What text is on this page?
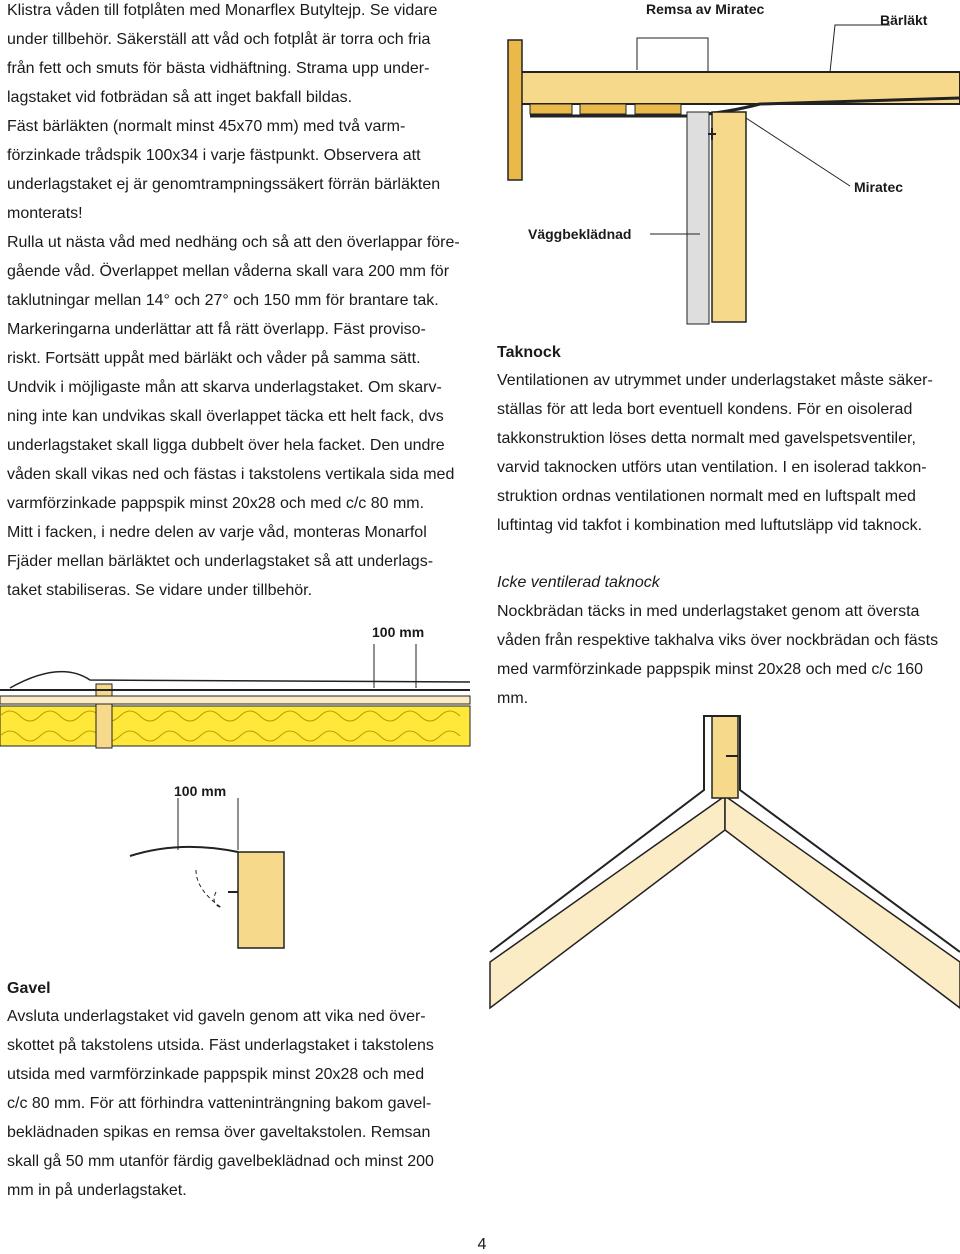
Klistra våden till fotplåten med Monarflex Butyltejp. Se vidare
under tillbehör. Säkerställ att våd och fotplåt är torra och fria
från fett och smuts för bästa vidhäftning. Strama upp under-
lagstaket vid fotbrädan så att inget bakfall bildas.
Fäst bärläkten (normalt minst 45x70 mm) med två varm-
förzinkade trådspik 100x34 i varje fästpunkt. Observera att
underlagstaket ej är genomtrampningssäkert förrän bärläkten
monterats!
Rulla ut nästa våd med nedhäng och så att den överlappar före-
gående våd. Överlappet mellan våderna skall vara 200 mm för
taklutningar mellan 14° och 27° och 150 mm för brantare tak.
Markeringarna underlättar att få rätt överlapp. Fäst proviso-
riskt. Fortsätt uppåt med bärläkt och våder på samma sätt.
Undvik i möjligaste mån att skarva underlagstaket. Om skarv-
ning inte kan undvikas skall överlappet täcka ett helt fack, dvs
underlagstaket skall ligga dubbelt över hela facket. Den undre
våden skall vikas ned och fästas i takstolens vertikala sida med
varmförzinkade pappspik minst 20x28 och med c/c 80 mm.
Mitt i facken, i nedre delen av varje våd, monteras Monarfol
Fjäder mellan bärläktet och underlagstaket så att underlags-
taket stabiliseras. Se vidare under tillbehör.

Taknock

Ventilationen av utrymmet under underlagstaket måste säker-
ställas för att leda bort eventuell kondens. För en oisolerad
takkonstruktion löses detta normalt med gavelspetsventiler,
varvid taknocken utförs utan ventilation. I en isolerad takkon-
struktion ordnas ventilationen normalt med en luftspalt med
luftintag vid takfot i kombination med luftutsläpp vid taknock.

Icke ventilerad taknock

Nockbrädan täcks in med underlagstaket genom att översta
våden från respektive takhalva viks över nockbrädan och fästs
med varmförzinkade pappspik minst 20x28 och med c/c 160 mm.

Gavel

Avsluta underlagstaket vid gaveln genom att vika ned över-
skottet på takstolens utsida. Fäst underlagstaket i takstolens
utsida med varmförzinkade pappspik minst 20x28 och med
c/c 80 mm. För att förhindra vatteninträngning bakom gavel-
beklädnaden spikas en remsa över gaveltakstolen. Remsan
skall gå 50 mm utanför färdig gavelbeklädnad och minst 200
mm in på underlagstaket.

Remsa av Miratec
Bärläkt
Miratec
Väggbeklädnad
100 mm
100 mm
4
